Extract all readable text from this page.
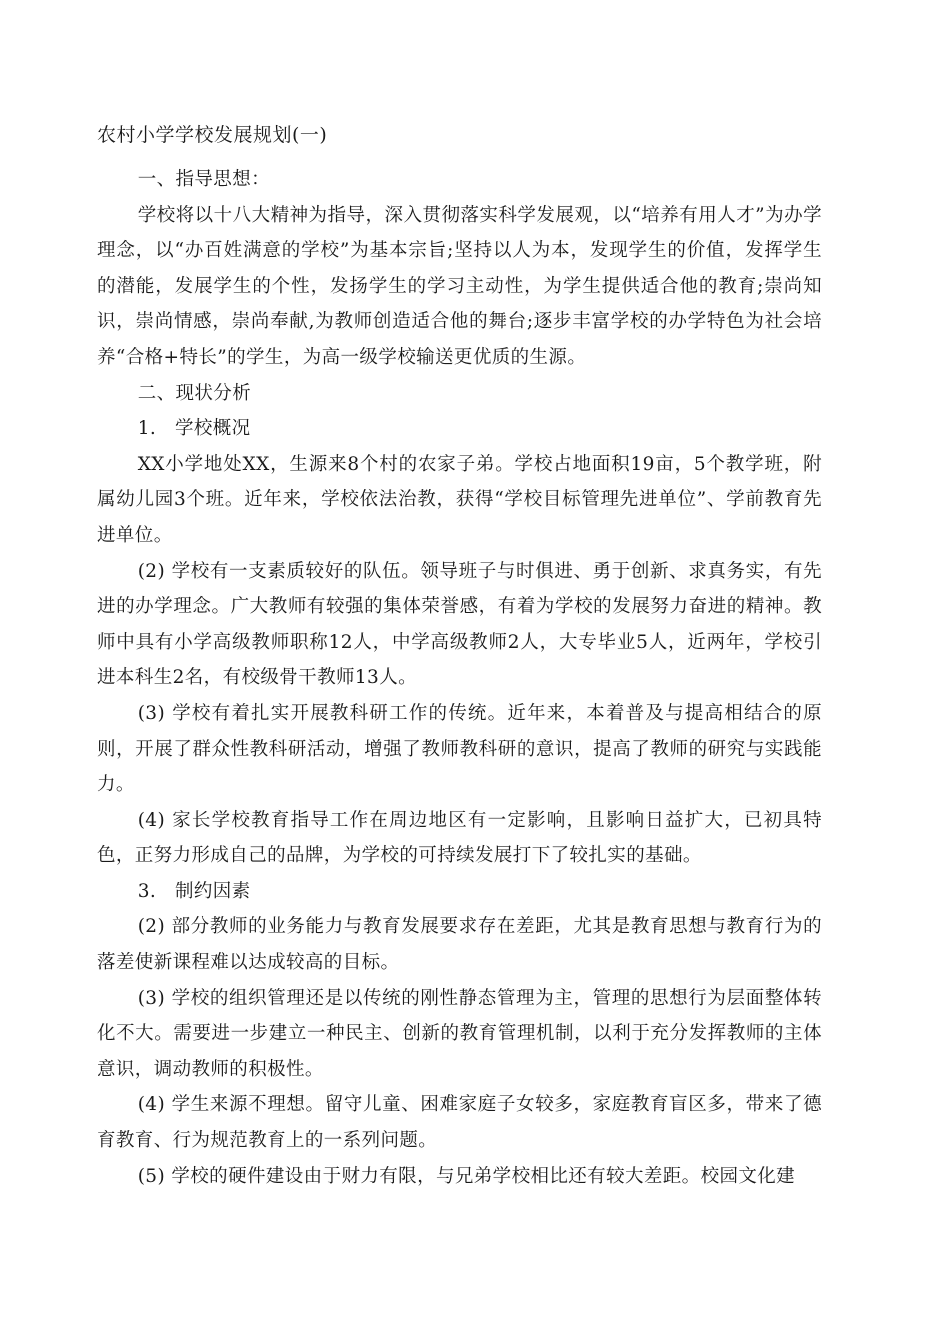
农村小学学校发展规划(一)
一、指导思想：
学校将以十八大精神为指导，深入贯彻落实科学发展观，以“培养有用人才”为办学理念，以“办百姓满意的学校”为基本宗旨;坚持以人为本，发现学生的价值，发挥学生的潜能，发展学生的个性，发扬学生的学习主动性，为学生提供适合他的教育;崇尚知识，崇尚情感，崇尚奉献,为教师创造适合他的舞台;逐步丰富学校的办学特色为社会培养“合格+特长”的学生，为高一级学校输送更优质的生源。
二、现状分析
1.   学校概况
XX小学地处XX，生源来8个村的农家子弟。学校占地面积19亩，5个教学班，附属幼儿园3个班。近年来，学校依法治教，获得“学校目标管理先进单位”、学前教育先进单位。
(2) 学校有一支素质较好的队伍。领导班子与时俱进、勇于创新、求真务实，有先进的办学理念。广大教师有较强的集体荣誉感，有着为学校的发展努力奋进的精神。教师中具有小学高级教师职称12人，中学高级教师2人，大专毕业5人，近两年，学校引进本科生2名，有校级骨干教师13人。
(3) 学校有着扎实开展教科研工作的传统。近年来，本着普及与提高相结合的原则，开展了群众性教科研活动，增强了教师教科研的意识，提高了教师的研究与实践能力。
(4) 家长学校教育指导工作在周边地区有一定影响，且影响日益扩大，已初具特色，正努力形成自己的品牌，为学校的可持续发展打下了较扎实的基础。
3.   制约因素
(2) 部分教师的业务能力与教育发展要求存在差距，尤其是教育思想与教育行为的落差使新课程难以达成较高的目标。
(3) 学校的组织管理还是以传统的刚性静态管理为主，管理的思想行为层面整体转化不大。需要进一步建立一种民主、创新的教育管理机制，以利于充分发挥教师的主体意识，调动教师的积极性。
(4) 学生来源不理想。留守儿童、困难家庭子女较多，家庭教育盲区多，带来了德育教育、行为规范教育上的一系列问题。
(5) 学校的硬件建设由于财力有限，与兄弟学校相比还有较大差距。校园文化建
